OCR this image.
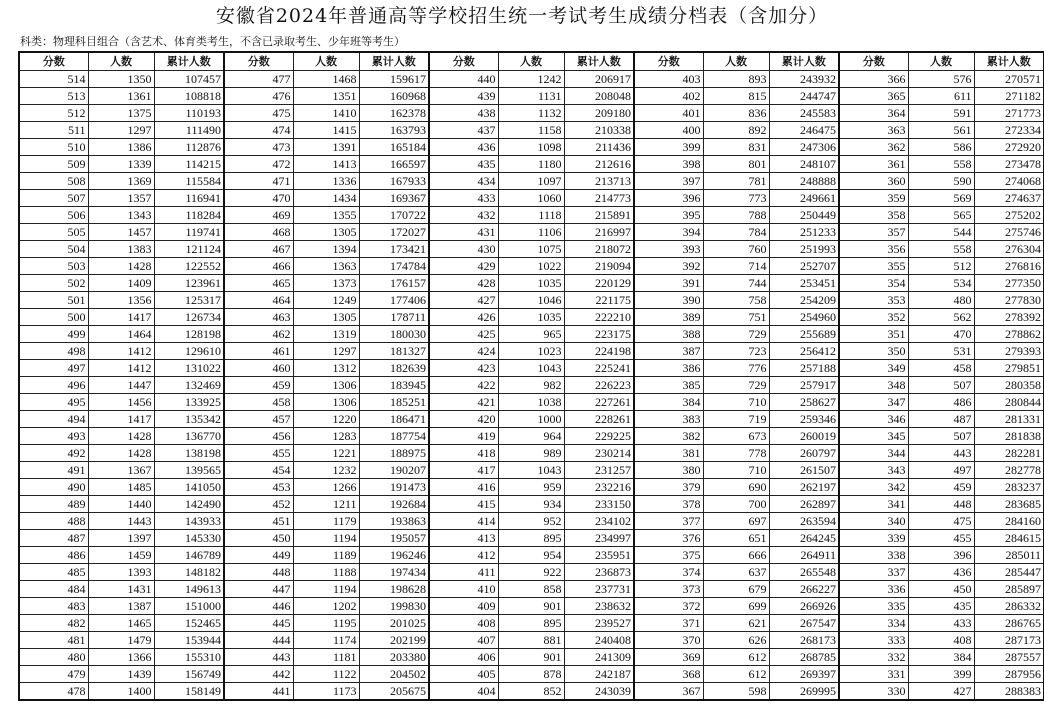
安徽省2024年普通高等学校招生统一考试考生成绩分档表（含加分）
科类：物理科目组合（含艺术、体育类考生，不含已录取考生、少年班等考生）
分数	人数	累计人数	分数	人数	累计人数	分数	人数	累计人数	分数	人数	累计人数	分数	人数	累计人数
514	1350	107457	477	1468	159617	440	1242	206917	403	893	243932	366	576	270571
513	1361	108818	476	1351	160968	439	1131	208048	402	815	244747	365	611	271182
512	1375	110193	475	1410	162378	438	1132	209180	401	836	245583	364	591	271773
511	1297	111490	474	1415	163793	437	1158	210338	400	892	246475	363	561	272334
510	1386	112876	473	1391	165184	436	1098	211436	399	831	247306	362	586	272920
509	1339	114215	472	1413	166597	435	1180	212616	398	801	248107	361	558	273478
508	1369	115584	471	1336	167933	434	1097	213713	397	781	248888	360	590	274068
507	1357	116941	470	1434	169367	433	1060	214773	396	773	249661	359	569	274637
506	1343	118284	469	1355	170722	432	1118	215891	395	788	250449	358	565	275202
505	1457	119741	468	1305	172027	431	1106	216997	394	784	251233	357	544	275746
504	1383	121124	467	1394	173421	430	1075	218072	393	760	251993	356	558	276304
503	1428	122552	466	1363	174784	429	1022	219094	392	714	252707	355	512	276816
502	1409	123961	465	1373	176157	428	1035	220129	391	744	253451	354	534	277350
501	1356	125317	464	1249	177406	427	1046	221175	390	758	254209	353	480	277830
500	1417	126734	463	1305	178711	426	1035	222210	389	751	254960	352	562	278392
499	1464	128198	462	1319	180030	425	965	223175	388	729	255689	351	470	278862
498	1412	129610	461	1297	181327	424	1023	224198	387	723	256412	350	531	279393
497	1412	131022	460	1312	182639	423	1043	225241	386	776	257188	349	458	279851
496	1447	132469	459	1306	183945	422	982	226223	385	729	257917	348	507	280358
495	1456	133925	458	1306	185251	421	1038	227261	384	710	258627	347	486	280844
494	1417	135342	457	1220	186471	420	1000	228261	383	719	259346	346	487	281331
493	1428	136770	456	1283	187754	419	964	229225	382	673	260019	345	507	281838
492	1428	138198	455	1221	188975	418	989	230214	381	778	260797	344	443	282281
491	1367	139565	454	1232	190207	417	1043	231257	380	710	261507	343	497	282778
490	1485	141050	453	1266	191473	416	959	232216	379	690	262197	342	459	283237
489	1440	142490	452	1211	192684	415	934	233150	378	700	262897	341	448	283685
488	1443	143933	451	1179	193863	414	952	234102	377	697	263594	340	475	284160
487	1397	145330	450	1194	195057	413	895	234997	376	651	264245	339	455	284615
486	1459	146789	449	1189	196246	412	954	235951	375	666	264911	338	396	285011
485	1393	148182	448	1188	197434	411	922	236873	374	637	265548	337	436	285447
484	1431	149613	447	1194	198628	410	858	237731	373	679	266227	336	450	285897
483	1387	151000	446	1202	199830	409	901	238632	372	699	266926	335	435	286332
482	1465	152465	445	1195	201025	408	895	239527	371	621	267547	334	433	286765
481	1479	153944	444	1174	202199	407	881	240408	370	626	268173	333	408	287173
480	1366	155310	443	1181	203380	406	901	241309	369	612	268785	332	384	287557
479	1439	156749	442	1122	204502	405	878	242187	368	612	269397	331	399	287956
478	1400	158149	441	1173	205675	404	852	243039	367	598	269995	330	427	288383
